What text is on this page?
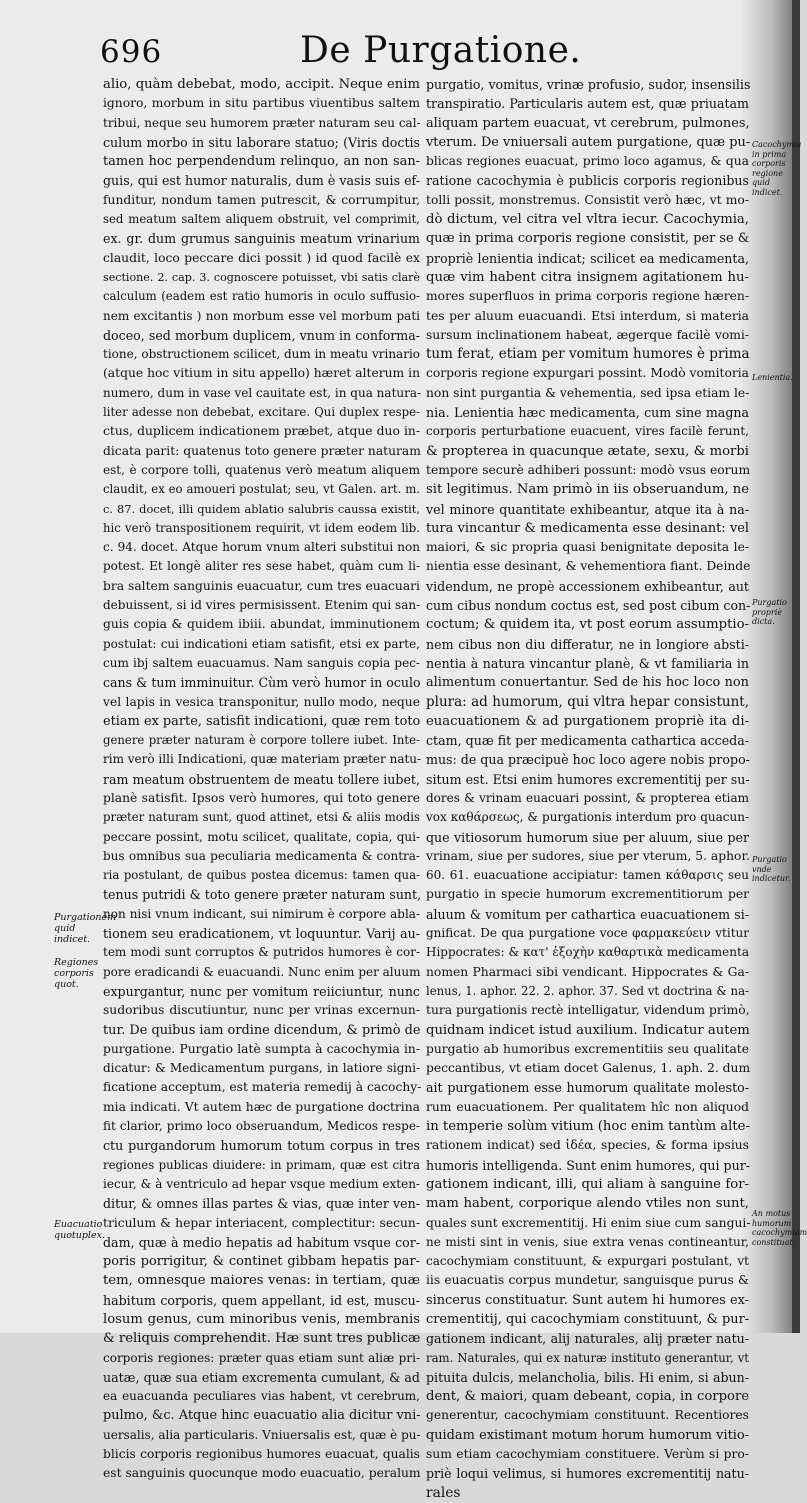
696	De Purgatione.
alio, quàm debebat, modo, accipit. Neque enim
ignoro, morbum in situ partibus viuentibus saltem
tribui, neque seu humorem præter naturam seu cal-
culum morbo in situ laborare statuo; (Viris doctis
tamen hoc perpendendum relinquo, an non san-
guis, qui est humor naturalis, dum è vasis suis ef-
funditur, nondum tamen putrescit, & corrumpitur,
sed meatum saltem aliquem obstruit, vel comprimit,
ex. gr. dum grumus sanguinis meatum vrinarium
claudit, loco peccare dici possit ) id quod facilè ex
sectione. 2. cap. 3. cognoscere potuisset, vbi satis clarè
calculum (eadem est ratio humoris in oculo suffusio-
nem excitantis ) non morbum esse vel morbum pati
doceo, sed morbum duplicem, vnum in conforma-
tione, obstructionem scilicet, dum in meatu vrinario
(atque hoc vitium in situ appello) hæret alterum in
numero, dum in vase vel cauitate est, in qua natura-
liter adesse non debebat, excitare. Qui duplex respe-
ctus, duplicem indicationem præbet, atque duo in-
dicata parit: quatenus toto genere præter naturam
est, è corpore tolli, quatenus verò meatum aliquem
claudit, ex eo amoueri postulat; seu, vt Galen. art. m.
c. 87. docet, illi quidem ablatio salubris caussa existit,
hic verò transpositionem requirit, vt idem eodem lib.
c. 94. docet. Atque horum vnum alteri substitui non
potest. Et longè aliter res sese habet, quàm cum li-
bra saltem sanguinis euacuatur, cum tres euacuari
debuissent, si id vires permisissent. Etenim qui san-
guis copia & quidem ibiii. abundat, imminutionem
postulat: cui indicationi etiam satisfit, etsi ex parte,
cum ibj saltem euacuamus. Nam sanguis copia pec-
cans & tum imminuitur. Cùm verò humor in oculo
vel lapis in vesica transponitur, nullo modo, neque
etiam ex parte, satisfit indicationi, quæ rem toto
genere præter naturam è corpore tollere iubet. Inte-
rim verò illi Indicationi, quæ materiam præter natu-
ram meatum obstruentem de meatu tollere iubet,
planè satisfit. Ipsos verò humores, qui toto genere
præter naturam sunt, quod attinet, etsi & aliis modis
peccare possint, motu scilicet, qualitate, copia, qui-
bus omnibus sua peculiaria medicamenta & contra-
ria postulant, de quibus postea dicemus: tamen qua-
tenus putridi & toto genere præter naturam sunt,
non nisi vnum indicant, sui nimirum è corpore abla-
tionem seu eradicationem, vt loquuntur. Varij au-
tem modi sunt corruptos & putridos humores è cor-
pore eradicandi & euacuandi. Nunc enim per aluum
expurgantur, nunc per vomitum reiiciuntur, nunc
sudoribus discutiuntur, nunc per vrinas excernun-
tur. De quibus iam ordine dicendum, & primò de
purgatione. Purgatio latè sumpta à cacochymia in-
dicatur: & Medicamentum purgans, in latiore signi-
ficatione acceptum, est materia remedij à cacochy-
mia indicati. Vt autem hæc de purgatione doctrina
fit clarior, primo loco obseruandum, Medicos respe-
ctu purgandorum humorum totum corpus in tres
regiones publicas diuidere: in primam, quæ est citra
iecur, & à ventriculo ad hepar vsque medium exten-
ditur, & omnes illas partes & vias, quæ inter ven-
triculum & hepar interiacent, complectitur: secun-
dam, quæ à medio hepatis ad habitum vsque cor-
poris porrigitur, & continet gibbam hepatis par-
tem, omnesque maiores venas: in tertiam, quæ
habitum corporis, quem appellant, id est, muscu-
losum genus, cum minoribus venis, membranis
& reliquis comprehendit. Hæ sunt tres publicæ
corporis regiones: præter quas etiam sunt aliæ pri-
uatæ, quæ sua etiam excrementa cumulant, & ad
ea euacuanda peculiares vias habent, vt cerebrum,
pulmo, &c. Atque hinc euacuatio alia dicitur vni-
uersalis, alia particularis. Vniuersalis est, quæ è pu-
blicis corporis regionibus humores euacuat, qualis
est sanguinis quocunque modo euacuatio, peralum
purgatio, vomitus, vrinæ profusio, sudor, insensilis
transpiratio. Particularis autem est, quæ priuatam
aliquam partem euacuat, vt cerebrum, pulmones,
vterum. De vniuersali autem purgatione, quæ pu-
blicas regiones euacuat, primo loco agamus, & qua
ratione cacochymia è publicis corporis regionibus
tolli possit, monstremus. Consistit verò hæc, vt mo-
dò dictum, vel citra vel vltra iecur. Cacochymia,
quæ in prima corporis regione consistit, per se &
propriè lenientia indicat; scilicet ea medicamenta,
quæ vim habent citra insignem agitationem hu-
mores superfluos in prima corporis regione hæren-
tes per aluum euacuandi. Etsi interdum, si materia
sursum inclinationem habeat, ægerque facilè vomi-
tum ferat, etiam per vomitum humores è prima
corporis regione expurgari possint. Modò vomitoria
non sint purgantia & vehementia, sed ipsa etiam le-
nia. Lenientia hæc medicamenta, cum sine magna
corporis perturbatione euacuent, vires facilè ferunt,
& propterea in quacunque ætate, sexu, & morbi
tempore securè adhiberi possunt: modò vsus eorum
sit legitimus. Nam primò in iis obseruandum, ne
vel minore quantitate exhibeantur, atque ita à na-
tura vincantur & medicamenta esse desinant: vel
maiori, & sic propria quasi benignitate deposita le-
nientia esse desinant, & vehementiora fiant. Deinde
videndum, ne propè accessionem exhibeantur, aut
cum cibus nondum coctus est, sed post cibum con-
coctum; & quidem ita, vt post eorum assumptio-
nem cibus non diu differatur, ne in longiore absti-
nentia à natura vincantur planè, & vt familiaria in
alimentum conuertantur. Sed de his hoc loco non
plura: ad humorum, qui vltra hepar consistunt,
euacuationem & ad purgationem propriè ita di-
ctam, quæ fit per medicamenta cathartica acceda-
mus: de qua præcipuè hoc loco agere nobis propo-
situm est. Etsi enim humores excrementitij per su-
dores & vrinam euacuari possint, & propterea etiam
vox καθάρσεως, & purgationis interdum pro quacun-
que vitiosorum humorum siue per aluum, siue per
vrinam, siue per sudores, siue per vterum, 5. aphor.
60. 61. euacuatione accipiatur: tamen κάθαρσις seu
purgatio in specie humorum excrementitiorum per
aluum & vomitum per cathartica euacuationem si-
gnificat. De qua purgatione voce φαρμακεύειν vtitur
Hippocrates: & κατ' ἐξοχὴν καθαρτικὰ medicamenta
nomen Pharmaci sibi vendicant. Hippocrates & Ga-
lenus, 1. aphor. 22. 2. aphor. 37. Sed vt doctrina & na-
tura purgationis rectè intelligatur, videndum primò,
quidnam indicet istud auxilium. Indicatur autem
purgatio ab humoribus excrementitiis seu qualitate
peccantibus, vt etiam docet Galenus, 1. aph. 2. dum
ait purgationem esse humorum qualitate molesto-
rum euacuationem. Per qualitatem hîc non aliquod
in temperie solùm vitium (hoc enim tantùm alte-
rationem indicat) sed ἰδέα, species, & forma ipsius
humoris intelligenda. Sunt enim humores, qui pur-
gationem indicant, illi, qui aliam à sanguine for-
mam habent, corporique alendo vtiles non sunt,
quales sunt excrementitij. Hi enim siue cum sangui-
ne misti sint in venis, siue extra venas contineantur,
cacochymiam constituunt, & expurgari postulant, vt
iis euacuatis corpus mundetur, sanguisque purus &
sincerus constituatur. Sunt autem hi humores ex-
crementitij, qui cacochymiam constituunt, & pur-
gationem indicant, alij naturales, alij præter natu-
ram. Naturales, qui ex naturæ instituto generantur, vt
pituita dulcis, melancholia, bilis. Hi enim, si abun-
dent, & maiori, quam debeant, copia, in corpore
generentur, cacochymiam constituunt. Recentiores
quidam existimant motum horum humorum vitio-
sum etiam cacochymiam constituere. Verùm si pro-
priè loqui velimus, si humores excrementitij natu-
rales
Purgationem quid indicet.
Regiones corporis quot.
Euacuatio quotuplex.
Cacochymia in prima corporis regione quid indicet.
Lenientia.
Purgatio propriè dicta.
Purgatio vnde indicetur.
An motus humorum cacochymiam constituat.
